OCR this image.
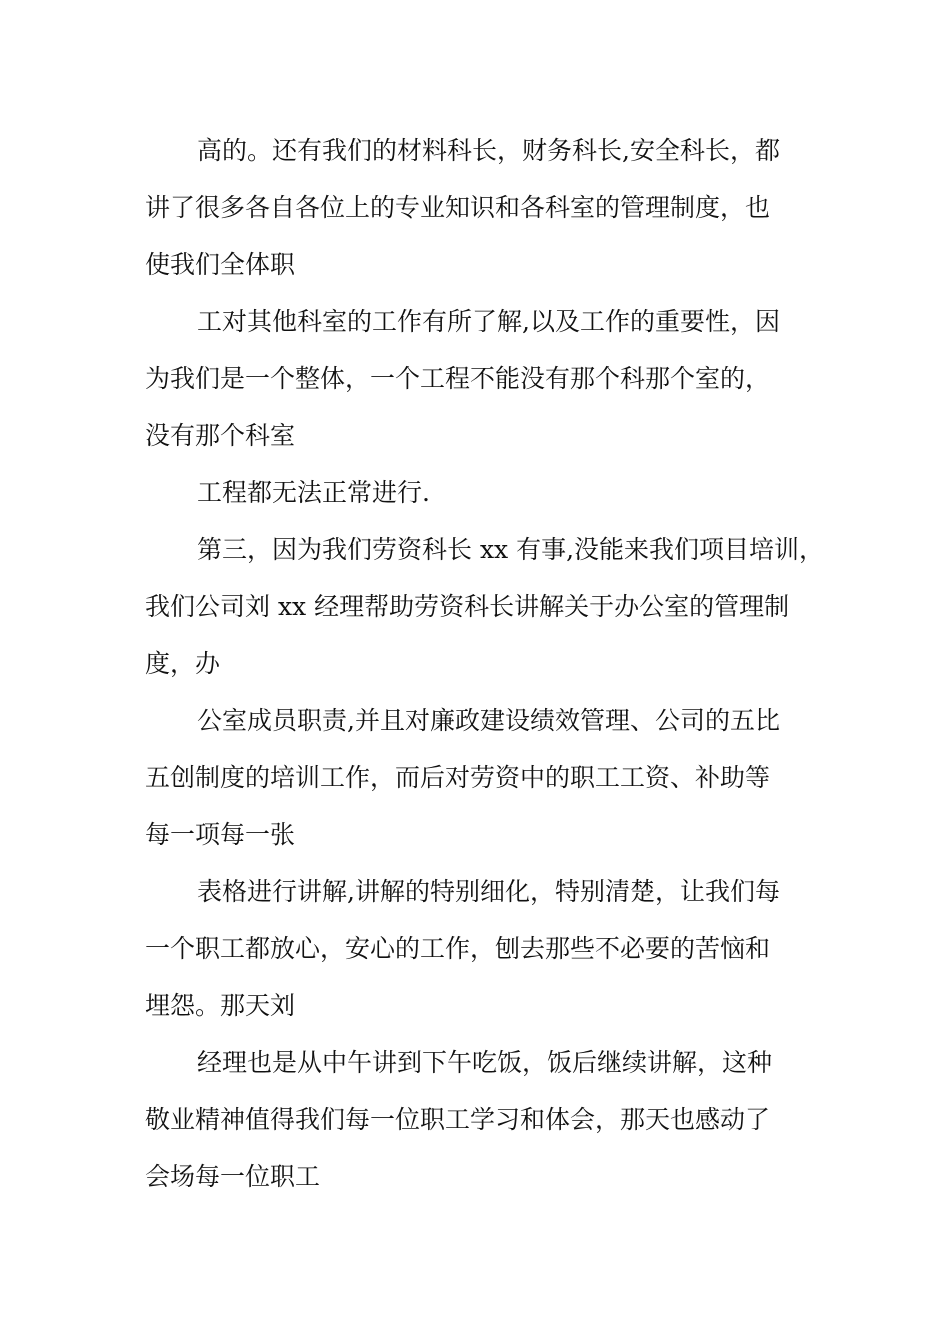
高的。还有我们的材料科长，财务科长,安全科长，都
讲了很多各自各位上的专业知识和各科室的管理制度，也
使我们全体职
工对其他科室的工作有所了解,以及工作的重要性，因
为我们是一个整体，一个工程不能没有那个科那个室的，
没有那个科室
工程都无法正常进行.
第三，因为我们劳资科长 xx 有事,没能来我们项目培训，
我们公司刘 xx 经理帮助劳资科长讲解关于办公室的管理制
度，办
公室成员职责,并且对廉政建设绩效管理、公司的五比
五创制度的培训工作，而后对劳资中的职工工资、补助等
每一项每一张
表格进行讲解,讲解的特别细化，特别清楚，让我们每
一个职工都放心，安心的工作，刨去那些不必要的苦恼和
埋怨。那天刘
经理也是从中午讲到下午吃饭，饭后继续讲解，这种
敬业精神值得我们每一位职工学习和体会，那天也感动了
会场每一位职工
